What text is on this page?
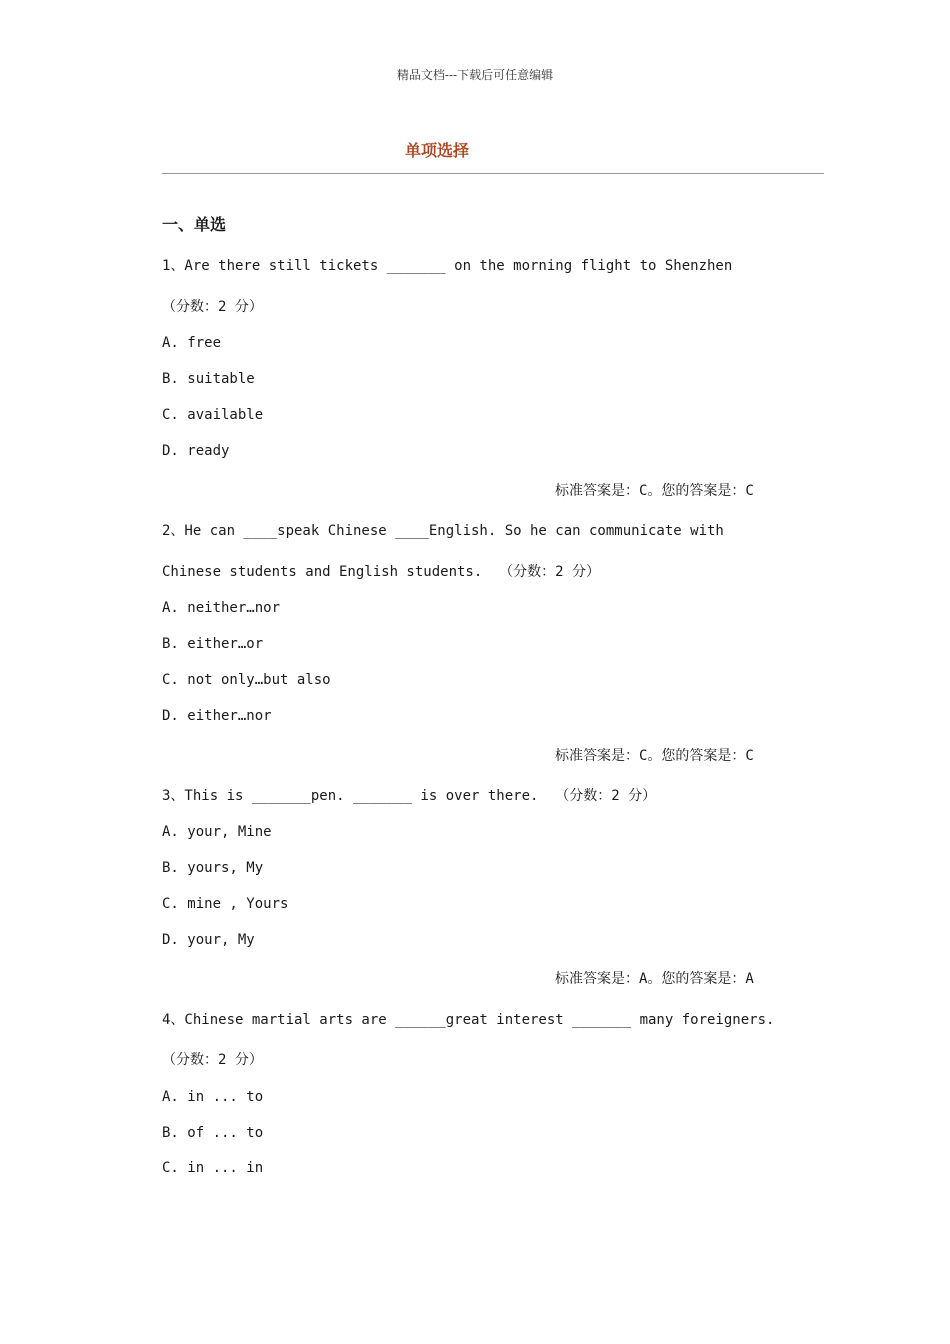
精品文档---下载后可任意编辑
单项选择
一、单选
1、Are there still tickets _______ on the morning flight to Shenzhen
（分数：2 分）
A. free
B. suitable
C. available
D. ready
标准答案是：C。您的答案是：C
2、He can ____speak Chinese ____English. So he can communicate with
Chinese students and English students.  （分数：2 分）
A. neither…nor
B. either…or
C. not only…but also
D. either…nor
标准答案是：C。您的答案是：C
3、This is _______pen. _______ is over there.  （分数：2 分）
A. your, Mine
B. yours, My
C. mine , Yours
D. your, My
标准答案是：A。您的答案是：A
4、Chinese martial arts are ______great interest _______ many foreigners.
（分数：2 分）
A. in ... to
B. of ... to
C. in ... in
